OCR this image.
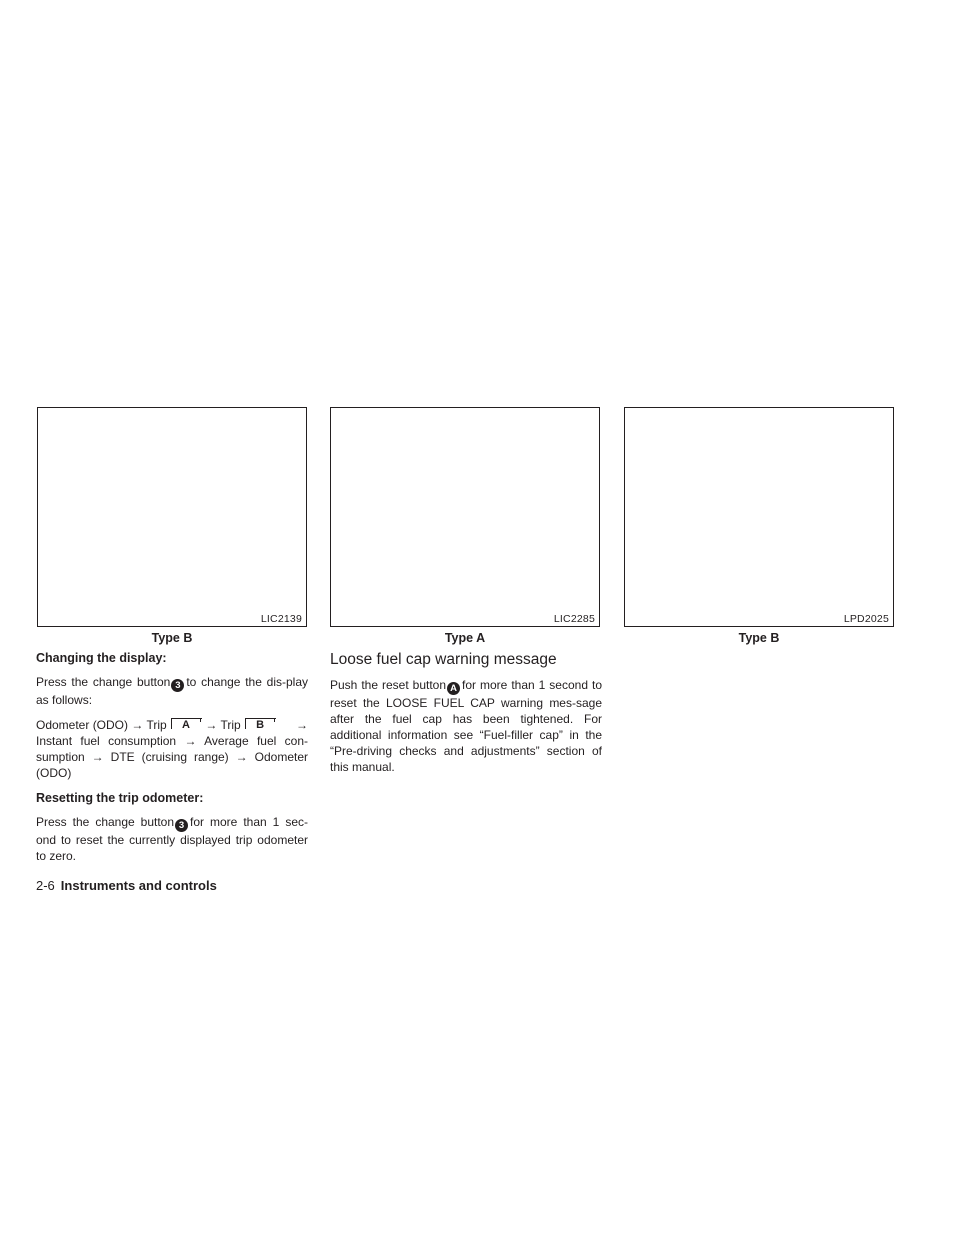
LIC2139
Type B
LIC2285
Type A
LPD2025
Type B

Changing the display:

Press the change button 3 to change the dis-play as follows:

Odometer (ODO) → Trip	A	→ Trip	B	→

Instant fuel consumption → Average fuel con-sumption → DTE (cruising range) → Odometer (ODO)

Resetting the trip odometer:

Press the change button 3 for more than 1 sec-ond to reset the currently displayed trip odometer to zero.

Loose fuel cap warning message

Push the reset button A for more than 1 second to reset the LOOSE FUEL CAP warning mes-sage after the fuel cap has been tightened. For additional information see “Fuel-filler cap” in the “Pre-driving checks and adjustments” section of this manual.

2-6 Instruments and controls
